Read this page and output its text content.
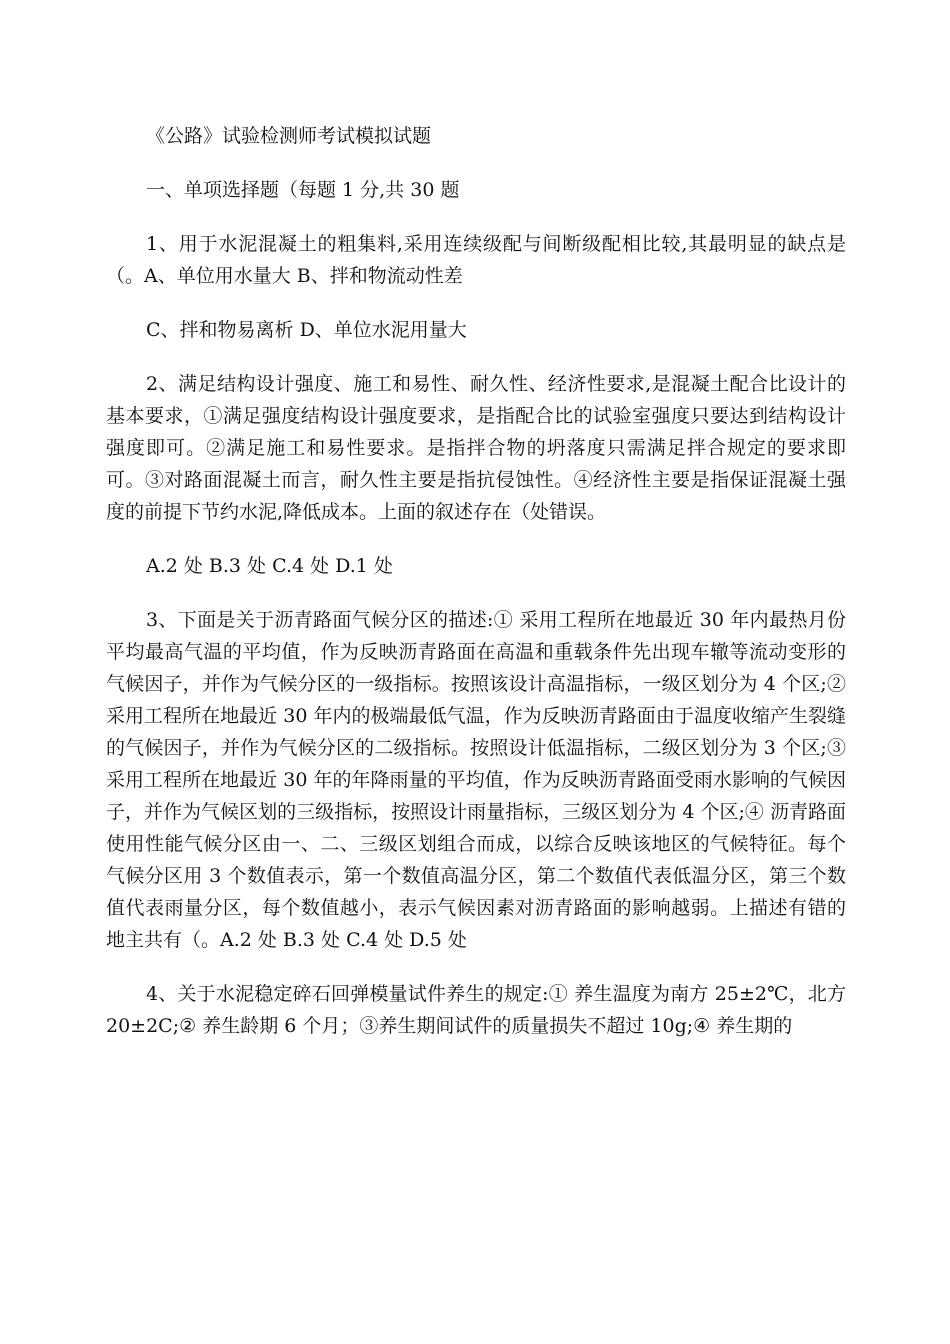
《公路》试验检测师考试模拟试题

一、单项选择题（每题 1 分,共 30 题

1、用于水泥混凝土的粗集料,采用连续级配与间断级配相比较,其最明显的缺点是（。A、单位用水量大 B、拌和物流动性差

C、拌和物易离析 D、单位水泥用量大

2、满足结构设计强度、施工和易性、耐久性、经济性要求,是混凝土配合比设计的基本要求，①满足强度结构设计强度要求，是指配合比的试验室强度只要达到结构设计强度即可。②满足施工和易性要求。是指拌合物的坍落度只需满足拌合规定的要求即可。③对路面混凝土而言，耐久性主要是指抗侵蚀性。④经济性主要是指保证混凝土强度的前提下节约水泥,降低成本。上面的叙述存在（处错误。

A.2 处 B.3 处 C.4 处 D.1 处

3、下面是关于沥青路面气候分区的描述:① 采用工程所在地最近 30 年内最热月份平均最高气温的平均值，作为反映沥青路面在高温和重载条件先出现车辙等流动变形的气候因子，并作为气候分区的一级指标。按照该设计高温指标，一级区划分为 4 个区;② 采用工程所在地最近 30 年内的极端最低气温，作为反映沥青路面由于温度收缩产生裂缝的气候因子，并作为气候分区的二级指标。按照设计低温指标，二级区划分为 3 个区;③ 采用工程所在地最近 30 年的年降雨量的平均值，作为反映沥青路面受雨水影响的气候因子，并作为气候区划的三级指标，按照设计雨量指标，三级区划分为 4 个区;④ 沥青路面使用性能气候分区由一、二、三级区划组合而成，以综合反映该地区的气候特征。每个气候分区用 3 个数值表示，第一个数值高温分区，第二个数值代表低温分区，第三个数值代表雨量分区，每个数值越小，表示气候因素对沥青路面的影响越弱。上描述有错的地主共有（。A.2 处 B.3 处 C.4 处 D.5 处

4、关于水泥稳定碎石回弹模量试件养生的规定:① 养生温度为南方 25±2℃，北方 20±2C;② 养生龄期 6 个月；③养生期间试件的质量损失不超过 10g;④ 养生期的
